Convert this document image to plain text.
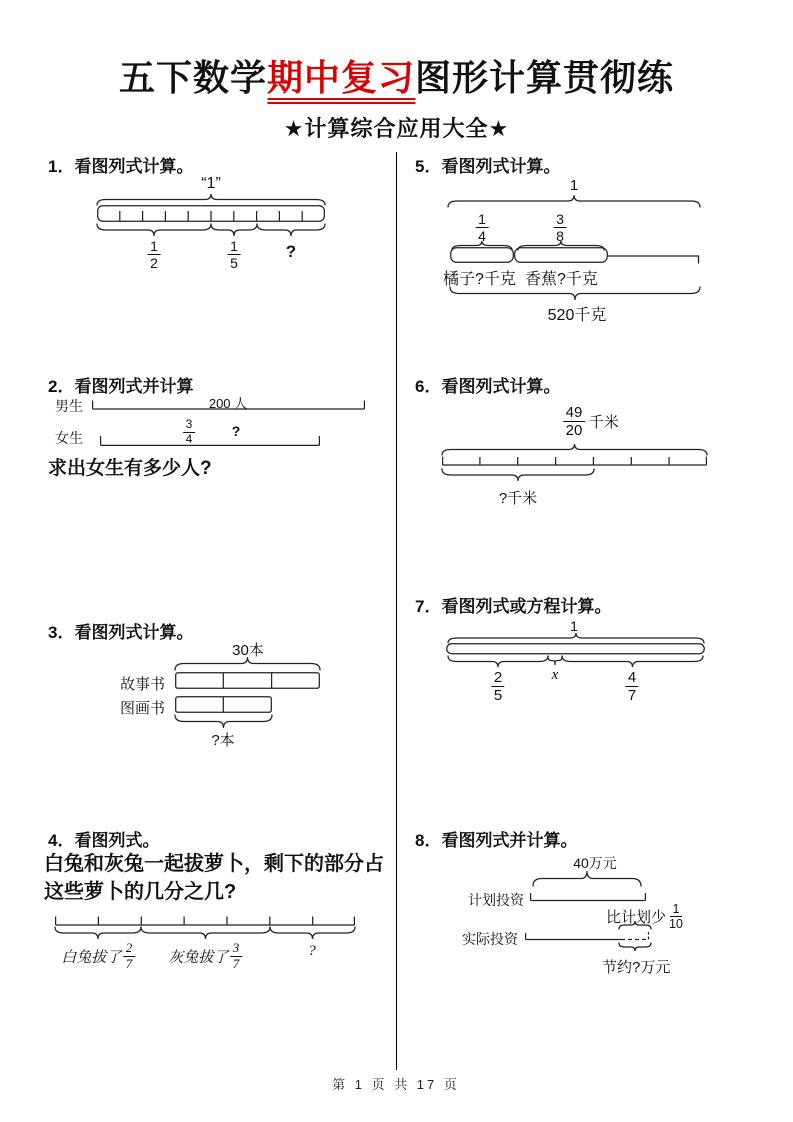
五下数学期中复习图形计算贯彻练
★计算综合应用大全★
1．看图列式计算。
“1”
$\frac{1}{2}$	$\frac{1}{5}$	?
2．看图列式并计算
男生	200 人
$\frac{3}{4}$	?
女生
求出女生有多少人?
3．看图列式计算。
30本
故事书
图画书
?本
4．看图列式。
白兔和灰兔一起拔萝卜，剩下的部分占
这些萝卜的几分之几?
白兔拔了 $\frac{2}{7}$ 灰兔拔了 $\frac{3}{7}$	?
5．看图列式计算。
1
$\frac{1}{4}$	$\frac{3}{8}$
橘子?千克 香蕉?千克
520千克
6．看图列式计算。
$\frac{49}{20}$ 千米
?千米
7．看图列式或方程计算。
1
$\frac{2}{5}$	x	$\frac{4}{7}$
8．看图列式并计算。
40万元
计划投资
比计划少 $\frac{1}{10}$
实际投资
节约?万元
第 1 页 共 17 页
